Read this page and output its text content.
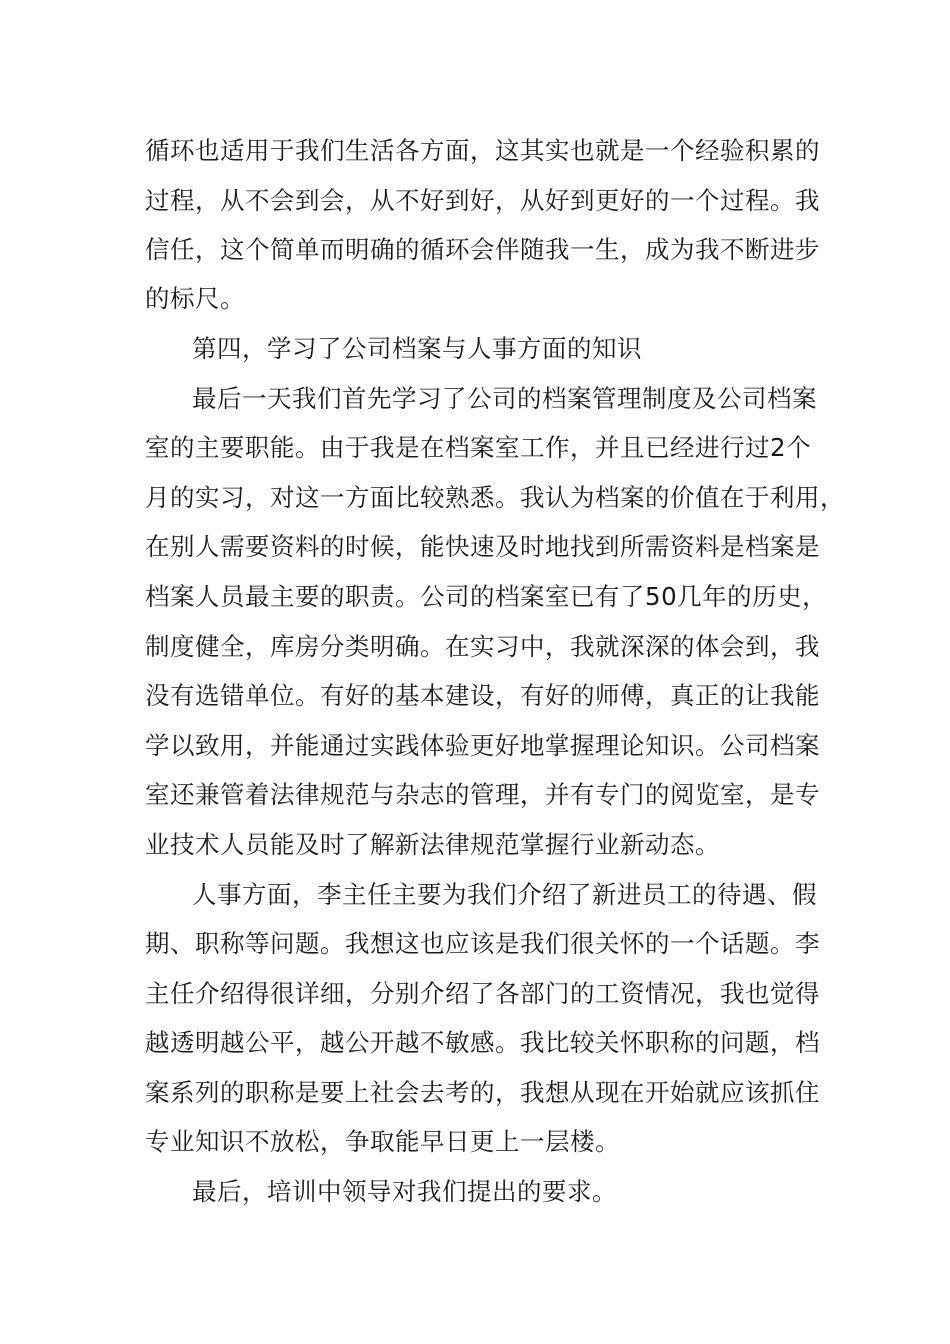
循环也适用于我们生活各方面，这其实也就是一个经验积累的
过程，从不会到会，从不好到好，从好到更好的一个过程。我
信任，这个简单而明确的循环会伴随我一生，成为我不断进步
的标尺。
第四，学习了公司档案与人事方面的知识
最后一天我们首先学习了公司的档案管理制度及公司档案
室的主要职能。由于我是在档案室工作，并且已经进行过2个
月的实习，对这一方面比较熟悉。我认为档案的价值在于利用，
在别人需要资料的时候，能快速及时地找到所需资料是档案是
档案人员最主要的职责。公司的档案室已有了50几年的历史，
制度健全，库房分类明确。在实习中，我就深深的体会到，我
没有选错单位。有好的基本建设，有好的师傅，真正的让我能
学以致用，并能通过实践体验更好地掌握理论知识。公司档案
室还兼管着法律规范与杂志的管理，并有专门的阅览室，是专
业技术人员能及时了解新法律规范掌握行业新动态。
人事方面，李主任主要为我们介绍了新进员工的待遇、假
期、职称等问题。我想这也应该是我们很关怀的一个话题。李
主任介绍得很详细，分别介绍了各部门的工资情况，我也觉得
越透明越公平，越公开越不敏感。我比较关怀职称的问题，档
案系列的职称是要上社会去考的，我想从现在开始就应该抓住
专业知识不放松，争取能早日更上一层楼。
最后，培训中领导对我们提出的要求。
